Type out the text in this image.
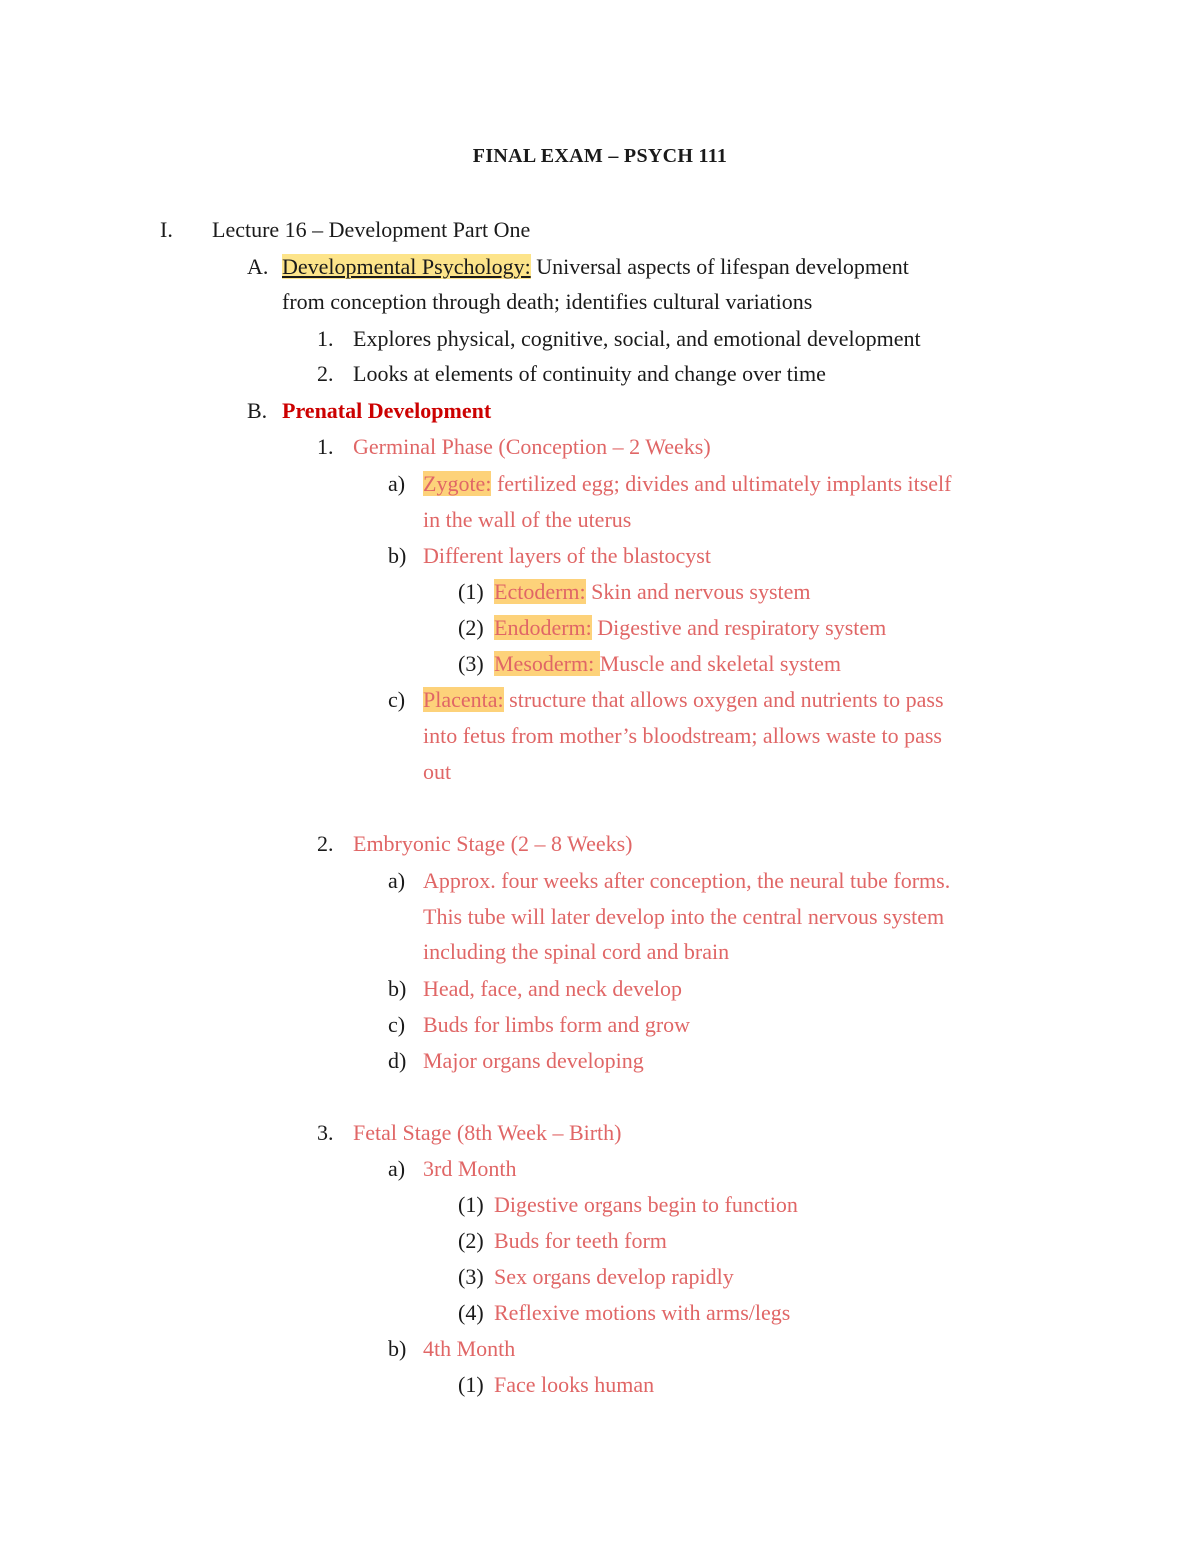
FINAL EXAM – PSYCH 111
I. Lecture 16 – Development Part One
A. Developmental Psychology: Universal aspects of lifespan development
from conception through death; identifies cultural variations
1. Explores physical, cognitive, social, and emotional development
2. Looks at elements of continuity and change over time
B. Prenatal Development
1. Germinal Phase (Conception – 2 Weeks)
a) Zygote: fertilized egg; divides and ultimately implants itself
in the wall of the uterus
b) Different layers of the blastocyst
(1) Ectoderm: Skin and nervous system
(2) Endoderm: Digestive and respiratory system
(3) Mesoderm: Muscle and skeletal system
c) Placenta: structure that allows oxygen and nutrients to pass
into fetus from mother’s bloodstream; allows waste to pass
out
2. Embryonic Stage (2 – 8 Weeks)
a) Approx. four weeks after conception, the neural tube forms.
This tube will later develop into the central nervous system
including the spinal cord and brain
b) Head, face, and neck develop
c) Buds for limbs form and grow
d) Major organs developing
3. Fetal Stage (8th Week – Birth)
a) 3rd Month
(1) Digestive organs begin to function
(2) Buds for teeth form
(3) Sex organs develop rapidly
(4) Reflexive motions with arms/legs
b) 4th Month
(1) Face looks human
